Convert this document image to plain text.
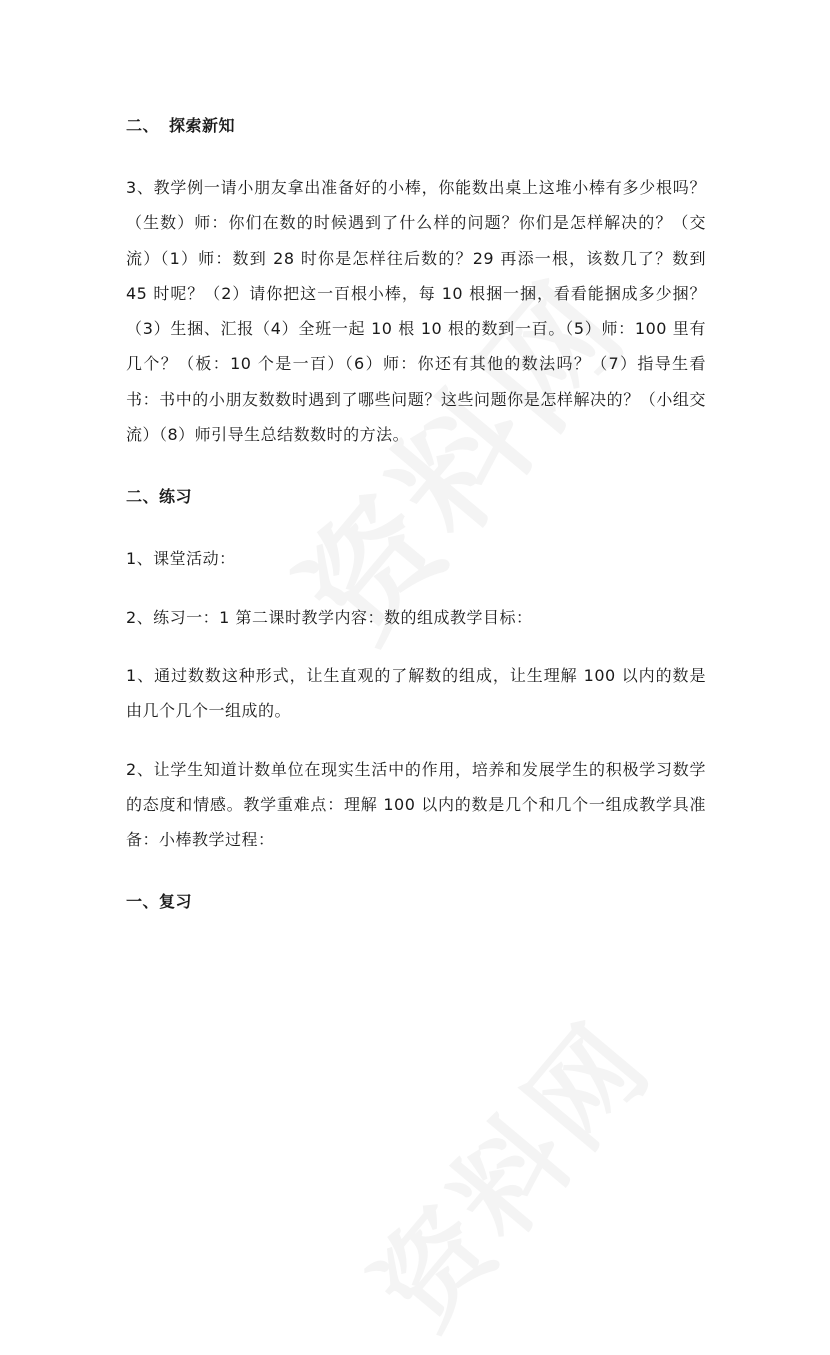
二、 探索新知

3、教学例一请小朋友拿出准备好的小棒，你能数出桌上这堆小棒有多少根吗？（生数）师：你们在数的时候遇到了什么样的问题？你们是怎样解决的？（交流）（1）师：数到 28 时你是怎样往后数的？29 再添一根，该数几了？数到 45 时呢？（2）请你把这一百根小棒，每 10 根捆一捆，看看能捆成多少捆？（3）生捆、汇报（4）全班一起 10 根 10 根的数到一百。（5）师：100 里有几个？（板：10 个是一百）（6）师：你还有其他的数法吗？（7）指导生看书：书中的小朋友数数时遇到了哪些问题？这些问题你是怎样解决的？（小组交流）（8）师引导生总结数数时的方法。

二、练习

1、课堂活动：

2、练习一：1 第二课时教学内容：数的组成教学目标：

1、通过数数这种形式，让生直观的了解数的组成，让生理解 100 以内的数是由几个几个一组成的。

2、让学生知道计数单位在现实生活中的作用，培养和发展学生的积极学习数学的态度和情感。教学重难点：理解 100 以内的数是几个和几个一组成教学具准备：小棒教学过程：

一、复习
